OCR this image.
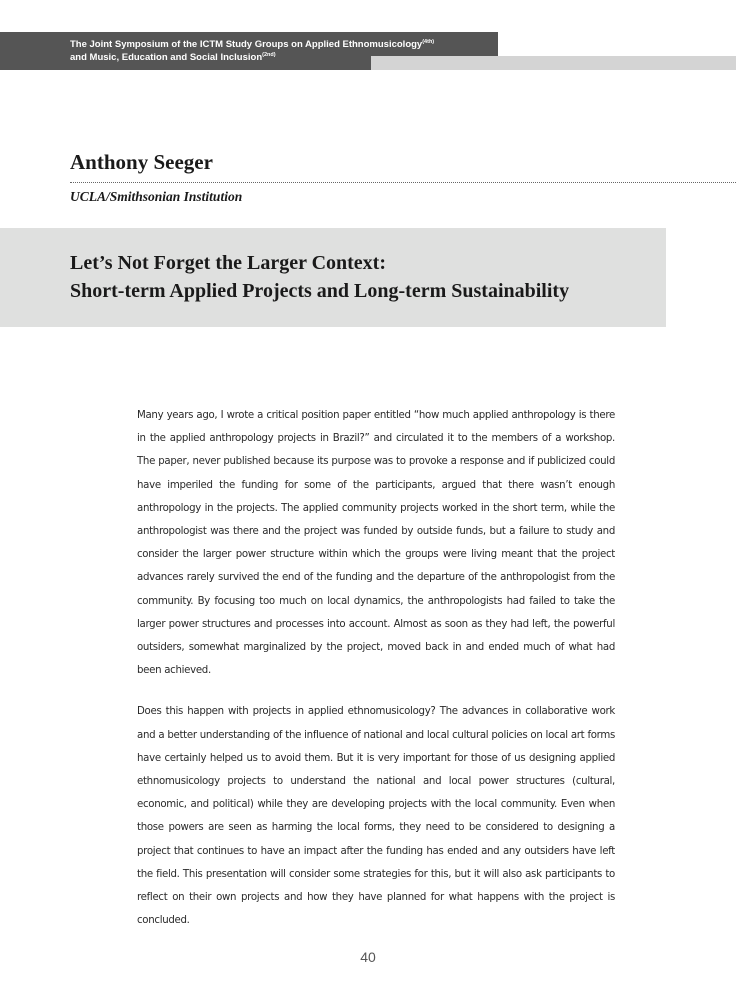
The Joint Symposium of the ICTM Study Groups on Applied Ethnomusicology$^{(4th)}$
and Music, Education and Social Inclusion$^{(2nd)}$
Anthony Seeger

UCLA/Smithsonian Institution

Let’s Not Forget the Larger Context:
Short-term Applied Projects and Long-term Sustainability

Many years ago, I wrote a critical position paper entitled “how much applied anthropology is there in the applied anthropology projects in Brazil?” and circulated it to the members of a workshop. The paper, never published because its purpose was to provoke a response and if publicized could have imperiled the funding for some of the participants, argued that there wasn’t enough anthropology in the projects. The applied community projects worked in the short term, while the anthropologist was there and the project was funded by outside funds, but a failure to study and consider the larger power structure within which the groups were living meant that the project advances rarely survived the end of the funding and the departure of the anthropologist from the community. By focusing too much on local dynamics, the anthropologists had failed to take the larger power structures and processes into account. Almost as soon as they had left, the powerful outsiders, somewhat marginalized by the project, moved back in and ended much of what had been achieved.

Does this happen with projects in applied ethnomusicology? The advances in collaborative work and a better understanding of the influence of national and local cultural policies on local art forms have certainly helped us to avoid them. But it is very important for those of us designing applied ethnomusicology projects to understand the national and local power structures (cultural, economic, and political) while they are developing projects with the local community. Even when those powers are seen as harming the local forms, they need to be considered to designing a project that continues to have an impact after the funding has ended and any outsiders have left the field. This presentation will consider some strategies for this, but it will also ask participants to reflect on their own projects and how they have planned for what happens with the project is concluded.

40
